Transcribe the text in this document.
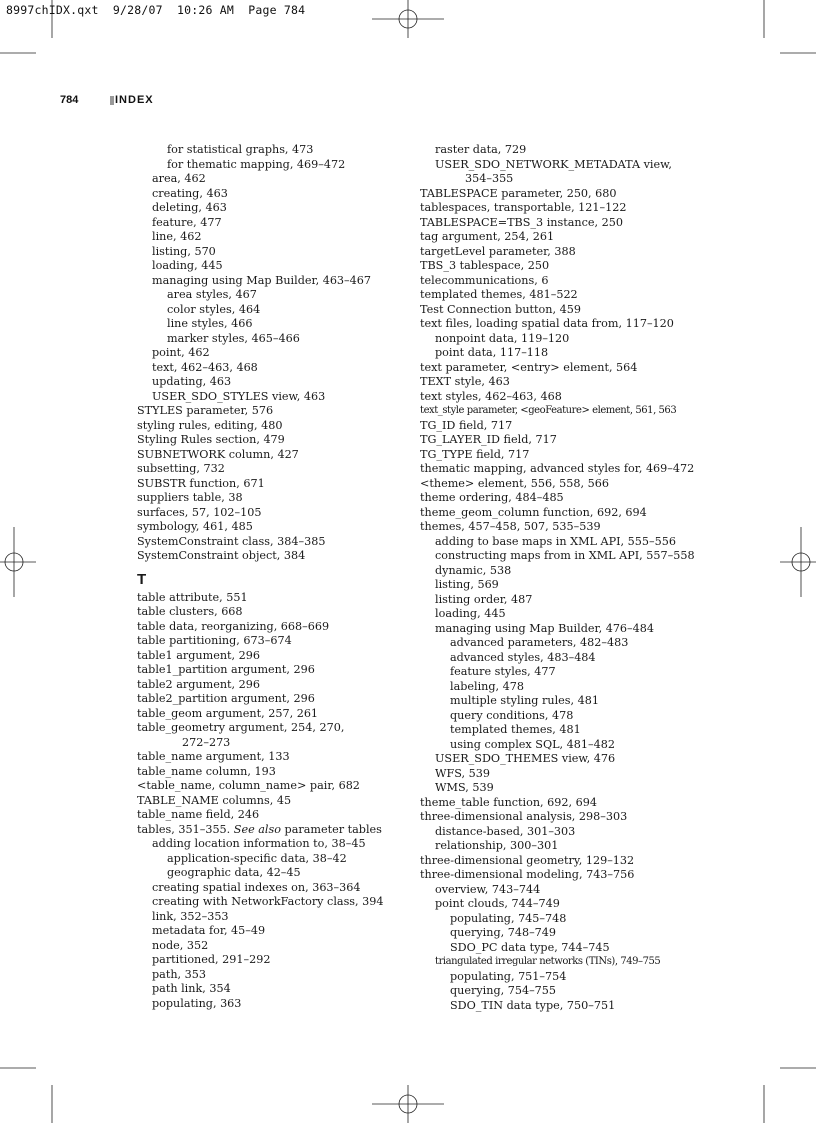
8997chIDX.qxt  9/28/07  10:26 AM  Page 784
784	INDEX
for statistical graphs, 473
for thematic mapping, 469–472
area, 462
creating, 463
deleting, 463
feature, 477
line, 462
listing, 570
loading, 445
managing using Map Builder, 463–467
area styles, 467
color styles, 464
line styles, 466
marker styles, 465–466
point, 462
text, 462–463, 468
updating, 463
USER_SDO_STYLES view, 463
STYLES parameter, 576
styling rules, editing, 480
Styling Rules section, 479
SUBNETWORK column, 427
subsetting, 732
SUBSTR function, 671
suppliers table, 38
surfaces, 57, 102–105
symbology, 461, 485
SystemConstraint class, 384–385
SystemConstraint object, 384
T
table attribute, 551
table clusters, 668
table data, reorganizing, 668–669
table partitioning, 673–674
table1 argument, 296
table1_partition argument, 296
table2 argument, 296
table2_partition argument, 296
table_geom argument, 257, 261
table_geometry argument, 254, 270,
272–273
table_name argument, 133
table_name column, 193
<table_name, column_name> pair, 682
TABLE_NAME columns, 45
table_name field, 246
tables, 351–355. See also parameter tables
adding location information to, 38–45
application-specific data, 38–42
geographic data, 42–45
creating spatial indexes on, 363–364
creating with NetworkFactory class, 394
link, 352–353
metadata for, 45–49
node, 352
partitioned, 291–292
path, 353
path link, 354
populating, 363
raster data, 729
USER_SDO_NETWORK_METADATA view,
354–355
TABLESPACE parameter, 250, 680
tablespaces, transportable, 121–122
TABLESPACE=TBS_3 instance, 250
tag argument, 254, 261
targetLevel parameter, 388
TBS_3 tablespace, 250
telecommunications, 6
templated themes, 481–522
Test Connection button, 459
text files, loading spatial data from, 117–120
nonpoint data, 119–120
point data, 117–118
text parameter, <entry> element, 564
TEXT style, 463
text styles, 462–463, 468
text_style parameter, <geoFeature> element, 561, 563
TG_ID field, 717
TG_LAYER_ID field, 717
TG_TYPE field, 717
thematic mapping, advanced styles for, 469–472
<theme> element, 556, 558, 566
theme ordering, 484–485
theme_geom_column function, 692, 694
themes, 457–458, 507, 535–539
adding to base maps in XML API, 555–556
constructing maps from in XML API, 557–558
dynamic, 538
listing, 569
listing order, 487
loading, 445
managing using Map Builder, 476–484
advanced parameters, 482–483
advanced styles, 483–484
feature styles, 477
labeling, 478
multiple styling rules, 481
query conditions, 478
templated themes, 481
using complex SQL, 481–482
USER_SDO_THEMES view, 476
WFS, 539
WMS, 539
theme_table function, 692, 694
three-dimensional analysis, 298–303
distance-based, 301–303
relationship, 300–301
three-dimensional geometry, 129–132
three-dimensional modeling, 743–756
overview, 743–744
point clouds, 744–749
populating, 745–748
querying, 748–749
SDO_PC data type, 744–745
triangulated irregular networks (TINs), 749–755
populating, 751–754
querying, 754–755
SDO_TIN data type, 750–751
